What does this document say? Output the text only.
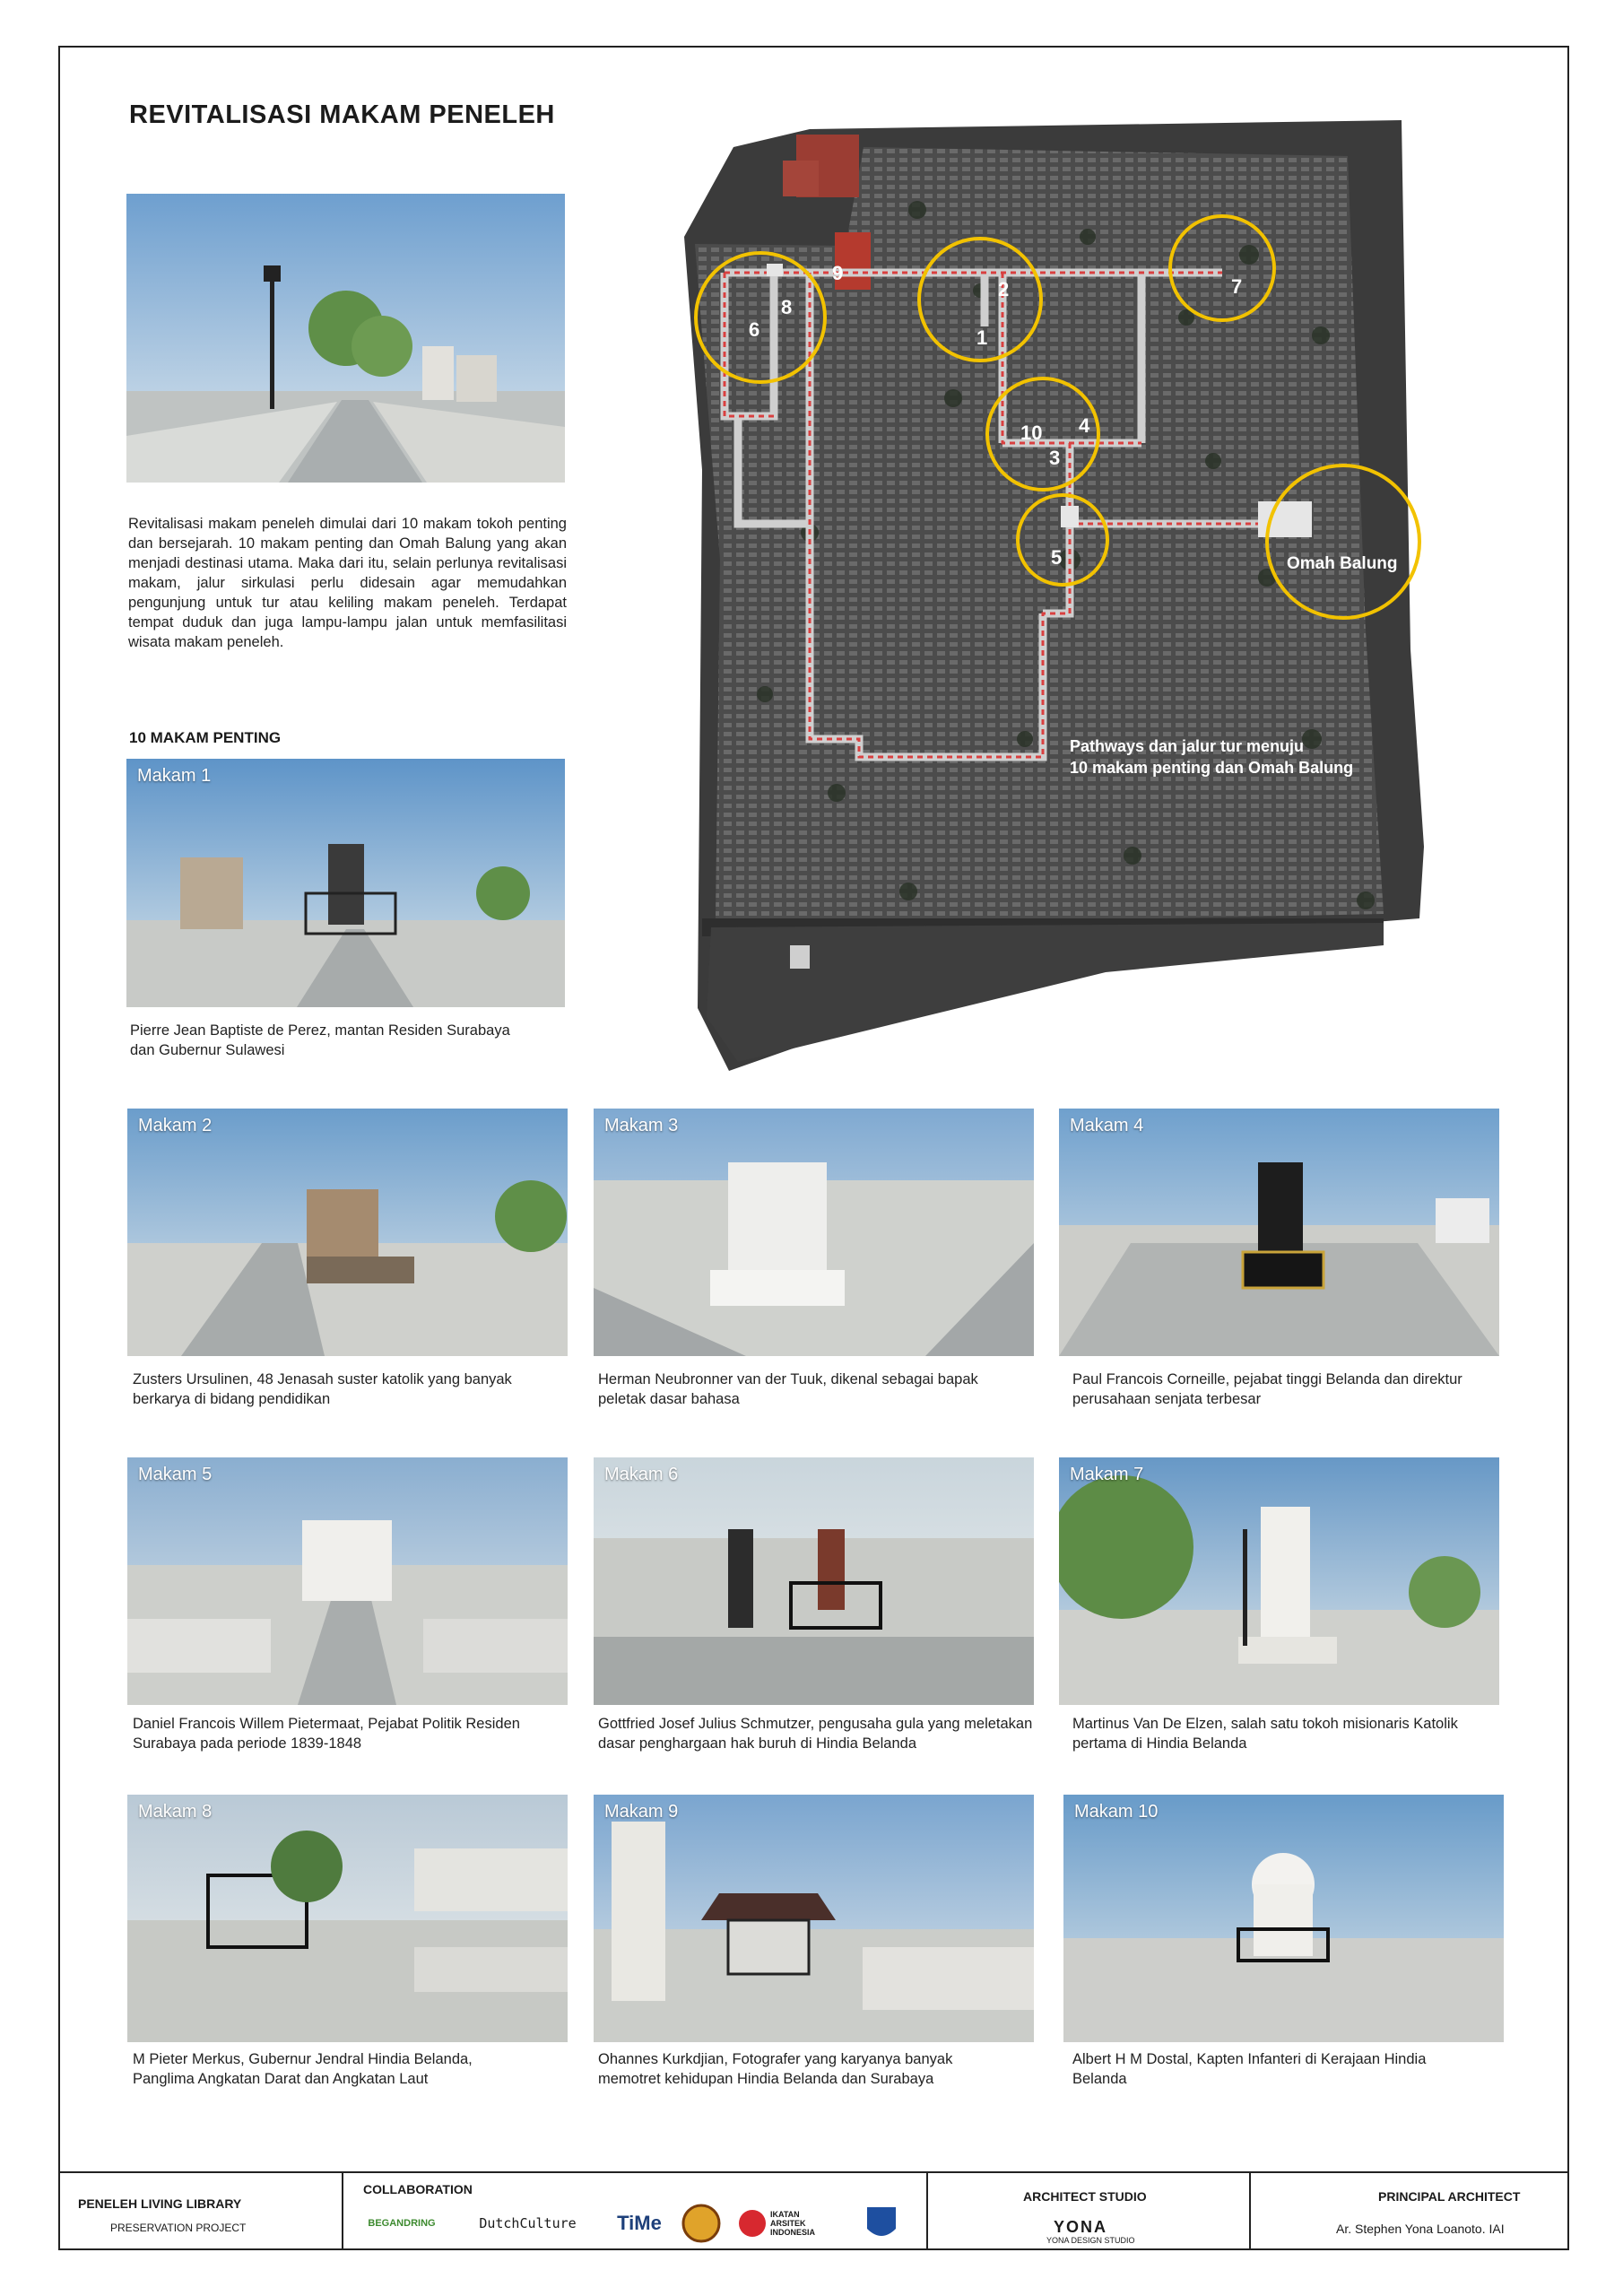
REVITALISASI MAKAM PENELEH
Revitalisasi makam peneleh dimulai dari 10 makam tokoh penting dan bersejarah. 10 makam penting dan Omah Balung yang akan menjadi destinasi utama. Maka dari itu, selain perlunya revitalisasi makam, jalur sirkulasi perlu didesain agar memudahkan pengunjung untuk tur atau keliling makam peneleh. Terdapat tempat duduk dan juga lampu-lampu jalan untuk memfasilitasi wisata makam peneleh.
10 MAKAM PENTING
9
8
6
2
1
7
10 4
3
5	Omah Balung
Pathways dan jalur tur menuju
10 makam penting dan Omah Balung
Makam 1
Pierre Jean Baptiste de Perez, mantan Residen Surabaya dan Gubernur Sulawesi
Makam 2
Zusters Ursulinen, 48 Jenasah suster katolik yang banyak berkarya di bidang pendidikan
Makam 3
Herman Neubronner van der Tuuk, dikenal sebagai bapak peletak dasar bahasa
Makam 4
Paul Francois Corneille, pejabat tinggi Belanda dan direktur perusahaan senjata terbesar
Makam 5
Daniel Francois Willem Pietermaat, Pejabat Politik Residen Surabaya pada periode 1839-1848
Makam 6
Gottfried Josef Julius Schmutzer, pengusaha gula yang meletakan dasar penghargaan hak buruh di Hindia Belanda
Makam 7
Martinus Van De Elzen, salah satu tokoh misionaris Katolik pertama di Hindia Belanda
Makam 8
M Pieter Merkus, Gubernur Jendral Hindia Belanda, Panglima Angkatan Darat dan Angkatan Laut
Makam 9
Ohannes Kurkdjian, Fotografer yang karyanya banyak memotret kehidupan Hindia Belanda dan Surabaya
Makam 10
Albert H M Dostal, Kapten Infanteri di Kerajaan Hindia Belanda
PENELEH LIVING LIBRARY
PRESERVATION PROJECT
COLLABORATION
BEGANDRING	DutchCulture TiMe	IKATAN ARSITEK INDONESIA
ARCHITECT STUDIO
YONA
YONA DESIGN STUDIO
PRINCIPAL ARCHITECT
Ar. Stephen Yona Loanoto. IAI
